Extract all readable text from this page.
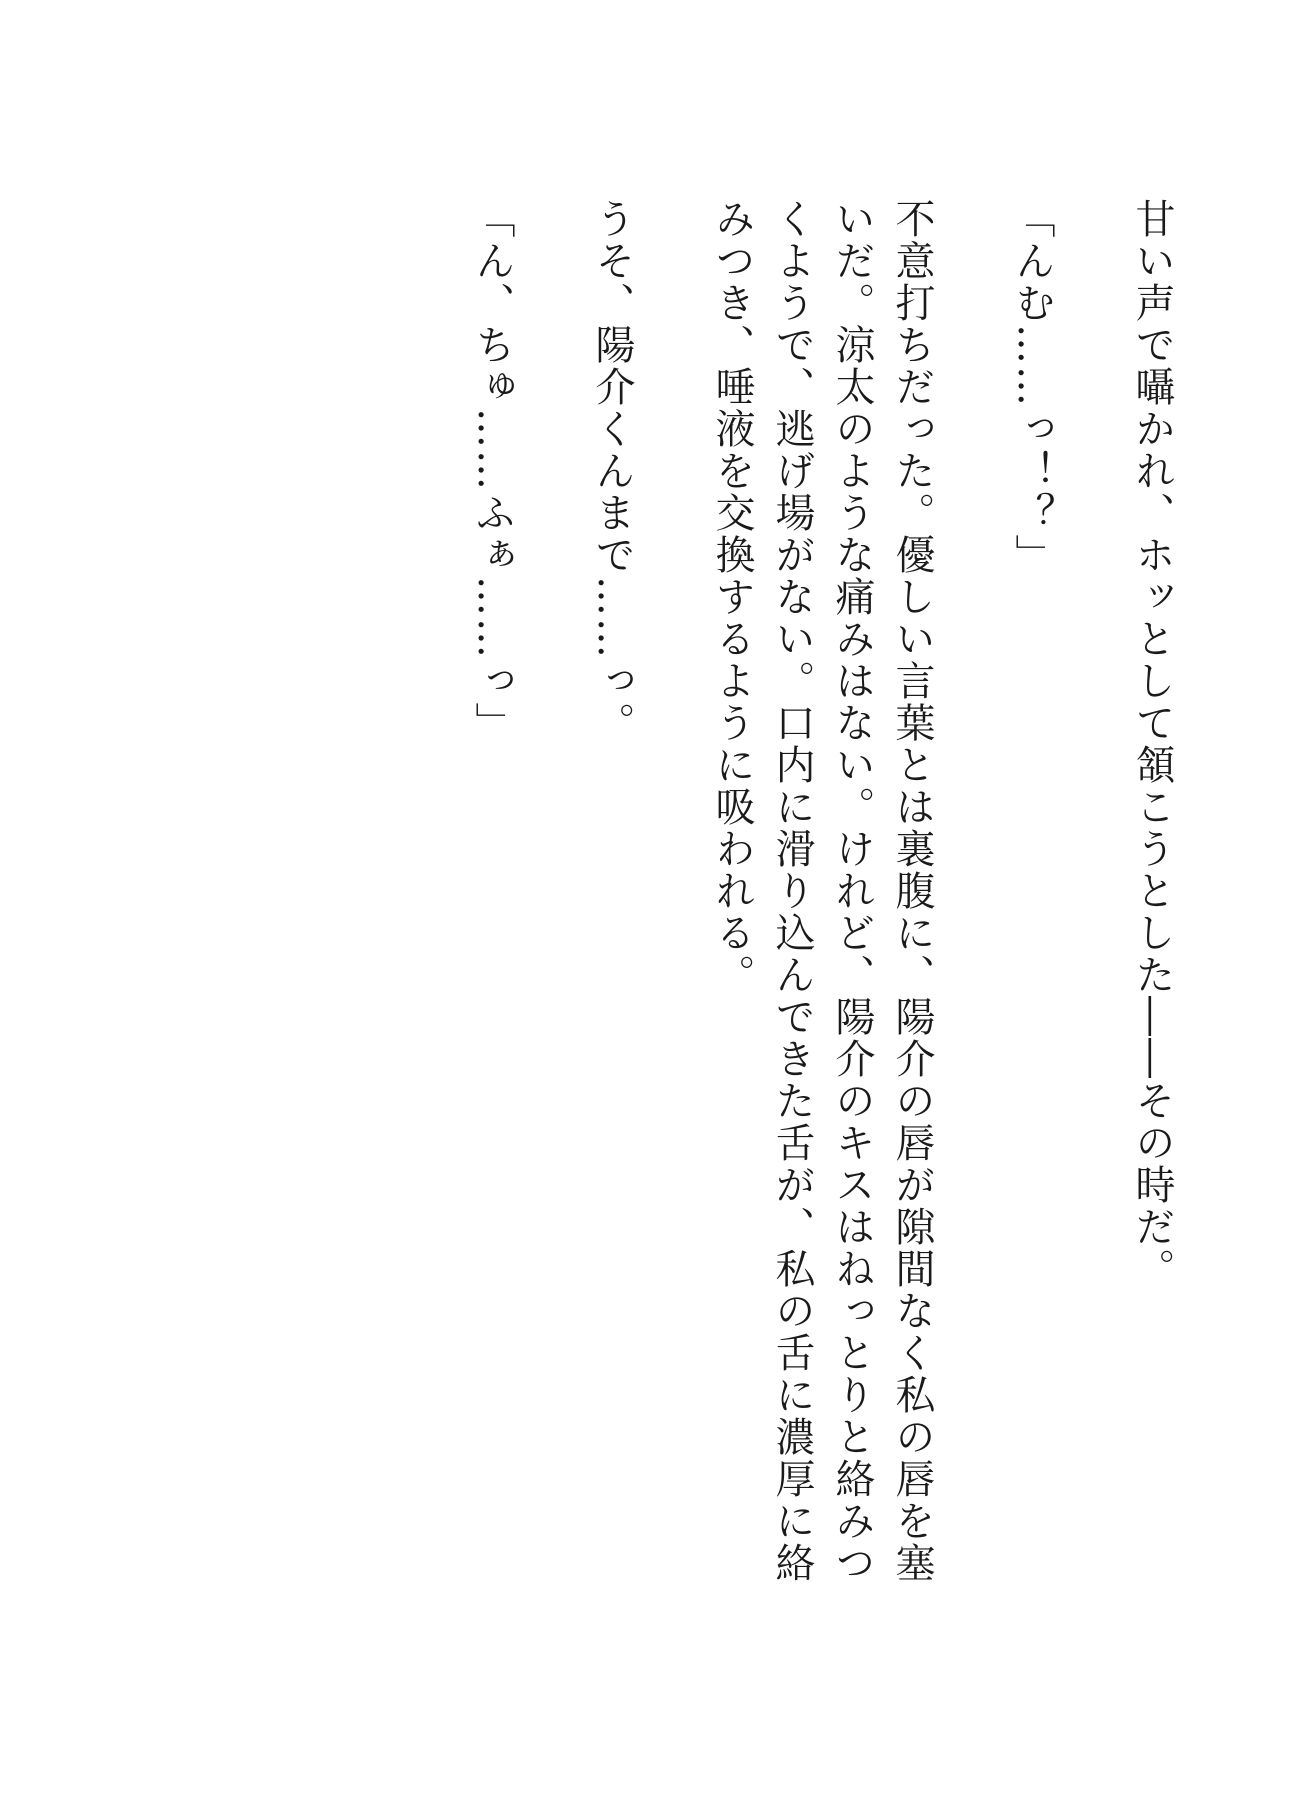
甘い声で囁かれ、ホッとして頷こうとした――その時だ。

「んむ……っ！？」

不意打ちだった。優しい言葉とは裏腹に、陽介の唇が隙間なく私の唇を塞いだ。涼太のような痛みはない。けれど、陽介のキスはねっとりと絡みつくようで、逃げ場がない。口内に滑り込んできた舌が、私の舌に濃厚に絡みつき、唾液を交換するように吸われる。

うそ、陽介くんまで……っ。

「ん、ちゅ……ふぁ……っ」
